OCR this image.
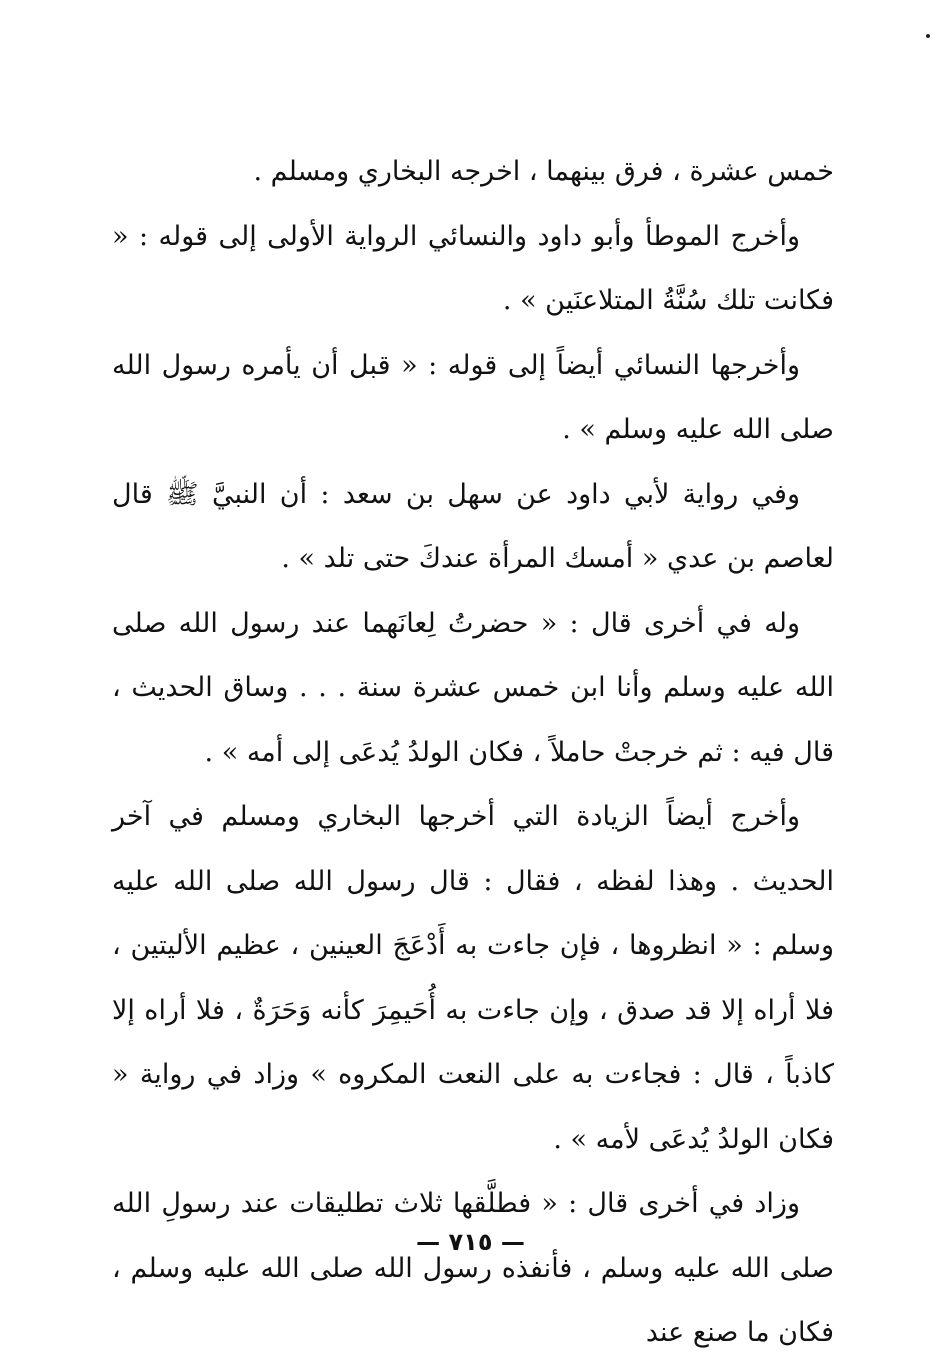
خمس عشرة ، فرق بينهما ، اخرجه البخاري ومسلم .

وأخرج الموطأ وأبو داود والنسائي الرواية الأولى إلى قوله : « فكانت تلك سُنَّةُ المتلاعنَين » .

وأخرجها النسائي أيضاً إلى قوله : « قبل أن يأمره رسول الله صلى الله عليه وسلم » .

وفي رواية لأبي داود عن سهل بن سعد : أن النبيَّ ﷺ قال لعاصم بن عدي « أمسك المرأة عندكَ حتى تلد » .

وله في أخرى قال : « حضرتُ لِعانَهما عند رسول الله صلى الله عليه وسلم وأنا ابن خمس عشرة سنة . . . وساق الحديث ، قال فيه : ثم خرجتْ حاملاً ، فكان الولدُ يُدعَى إلى أمه » .

وأخرج أيضاً الزيادة التي أخرجها البخاري ومسلم في آخر الحديث . وهذا لفظه ، فقال : قال رسول الله صلى الله عليه وسلم : « انظروها ، فإن جاءت به أَدْعَجَ العينين ، عظيم الأليتين ، فلا أراه إلا قد صدق ، وإن جاءت به أُحَيمِرَ كأنه وَحَرَةٌ ، فلا أراه إلا كاذباً ، قال : فجاءت به على النعت المكروه » وزاد في رواية « فكان الولدُ يُدعَى لأمه » .

وزاد في أخرى قال : « فطلَّقها ثلاث تطليقات عند رسولِ الله صلى الله عليه وسلم ، فأنفذه رسول الله صلى الله عليه وسلم ، فكان ما صنع عند

— ٧١٥ —
